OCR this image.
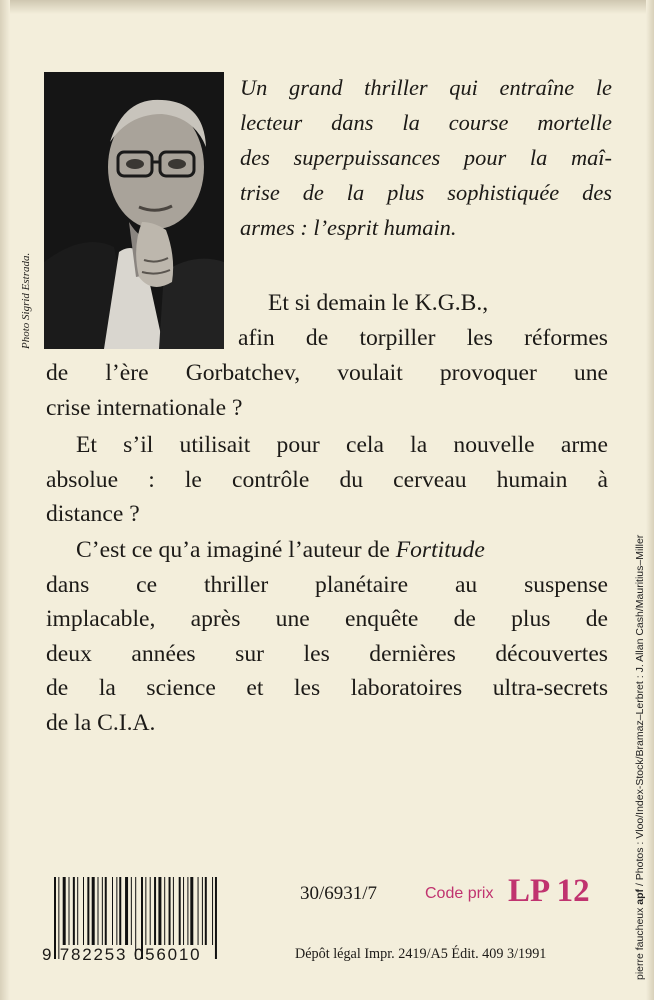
Photo Sigrid Estrada.
Un grand thriller qui entraîne le
lecteur dans la course mortelle
des superpuissances pour la maî-
trise de la plus sophistiquée des
armes : l’esprit humain.
Et si demain le K.G.B.,
afin de torpiller les réformes
de l’ère Gorbatchev, voulait provoquer une
crise internationale ?
Et s’il utilisait pour cela la nouvelle arme
absolue : le contrôle du cerveau humain à
distance ?
C’est ce qu’a imaginé l’auteur de Fortitude
dans ce thriller planétaire au suspense
implacable, après une enquête de plus de
deux années sur les dernières découvertes
de la science et les laboratoires ultra-secrets
de la C.I.A.
pierre faucheux apf / Photos : Vloo/Index-Stock/Bramaz–Lerbret : J. Allan Cash/Mauritius–Miller
9 782253 056010
30/6931/7	Code prix LP 12
Dépôt légal Impr. 2419/A5 Édit. 409 3/1991
